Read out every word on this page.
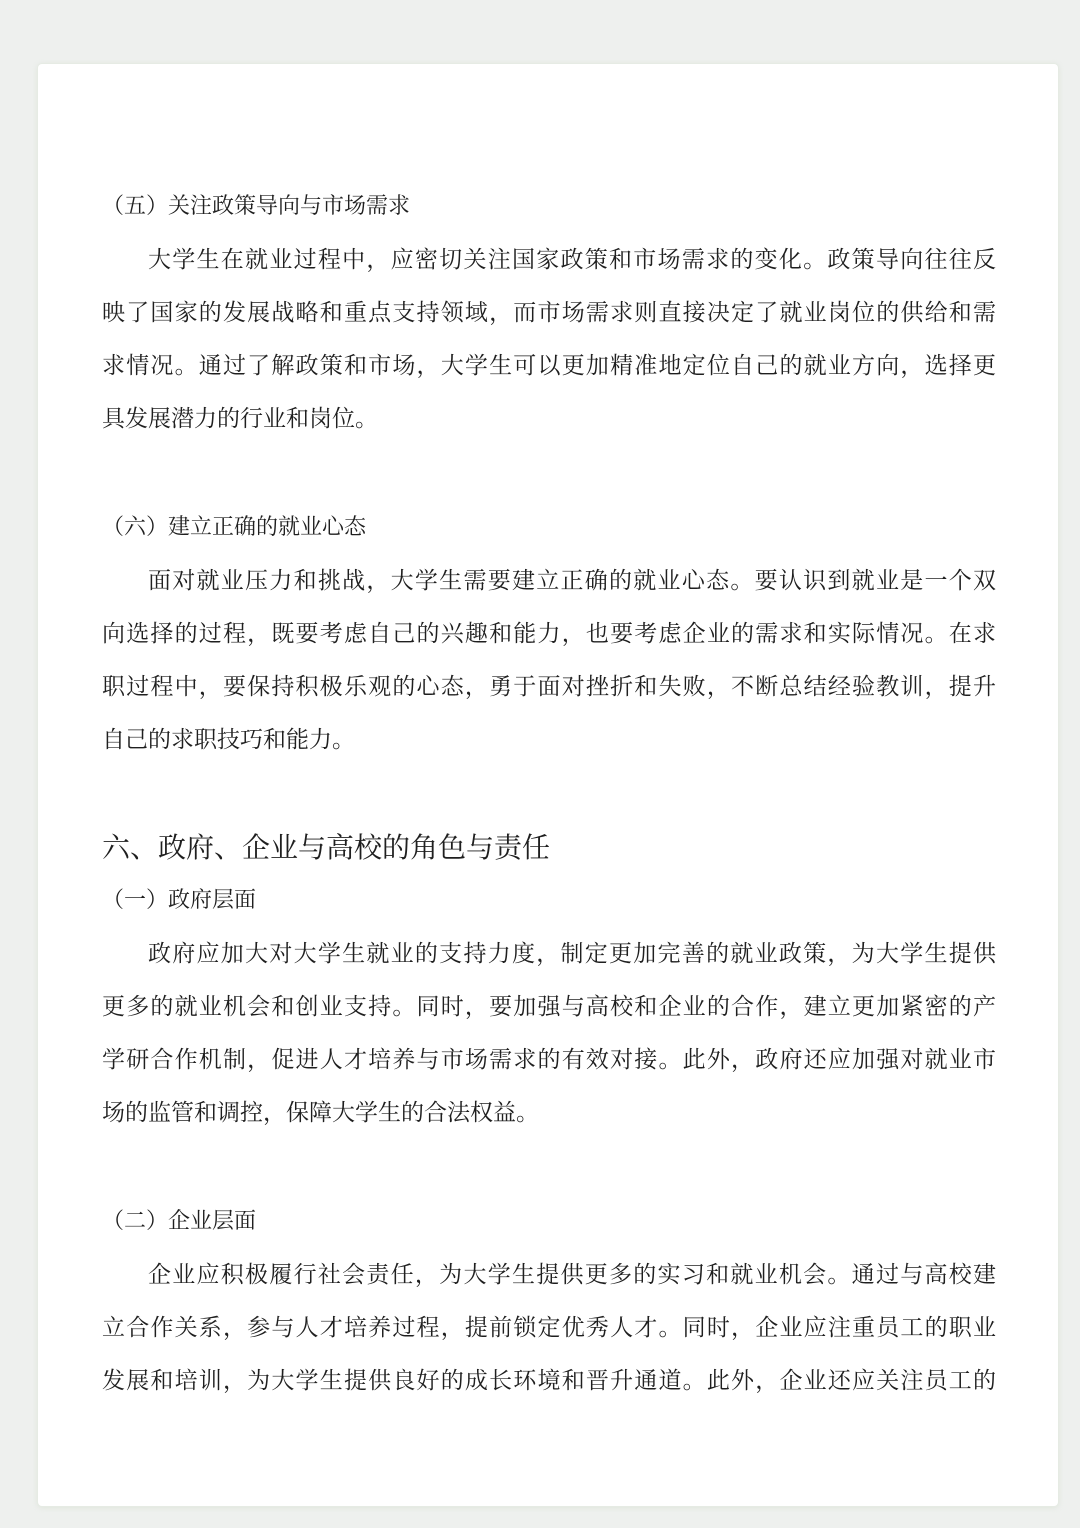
（五）关注政策导向与市场需求

大学生在就业过程中，应密切关注国家政策和市场需求的变化。政策导向往往反
映了国家的发展战略和重点支持领域，而市场需求则直接决定了就业岗位的供给和需
求情况。通过了解政策和市场，大学生可以更加精准地定位自己的就业方向，选择更
具发展潜力的行业和岗位。

（六）建立正确的就业心态

面对就业压力和挑战，大学生需要建立正确的就业心态。要认识到就业是一个双
向选择的过程，既要考虑自己的兴趣和能力，也要考虑企业的需求和实际情况。在求
职过程中，要保持积极乐观的心态，勇于面对挫折和失败，不断总结经验教训，提升
自己的求职技巧和能力。
六、政府、企业与高校的角色与责任

（一）政府层面

政府应加大对大学生就业的支持力度，制定更加完善的就业政策，为大学生提供
更多的就业机会和创业支持。同时，要加强与高校和企业的合作，建立更加紧密的产
学研合作机制，促进人才培养与市场需求的有效对接。此外，政府还应加强对就业市
场的监管和调控，保障大学生的合法权益。

（二）企业层面

企业应积极履行社会责任，为大学生提供更多的实习和就业机会。通过与高校建
立合作关系，参与人才培养过程，提前锁定优秀人才。同时，企业应注重员工的职业
发展和培训，为大学生提供良好的成长环境和晋升通道。此外，企业还应关注员工的
